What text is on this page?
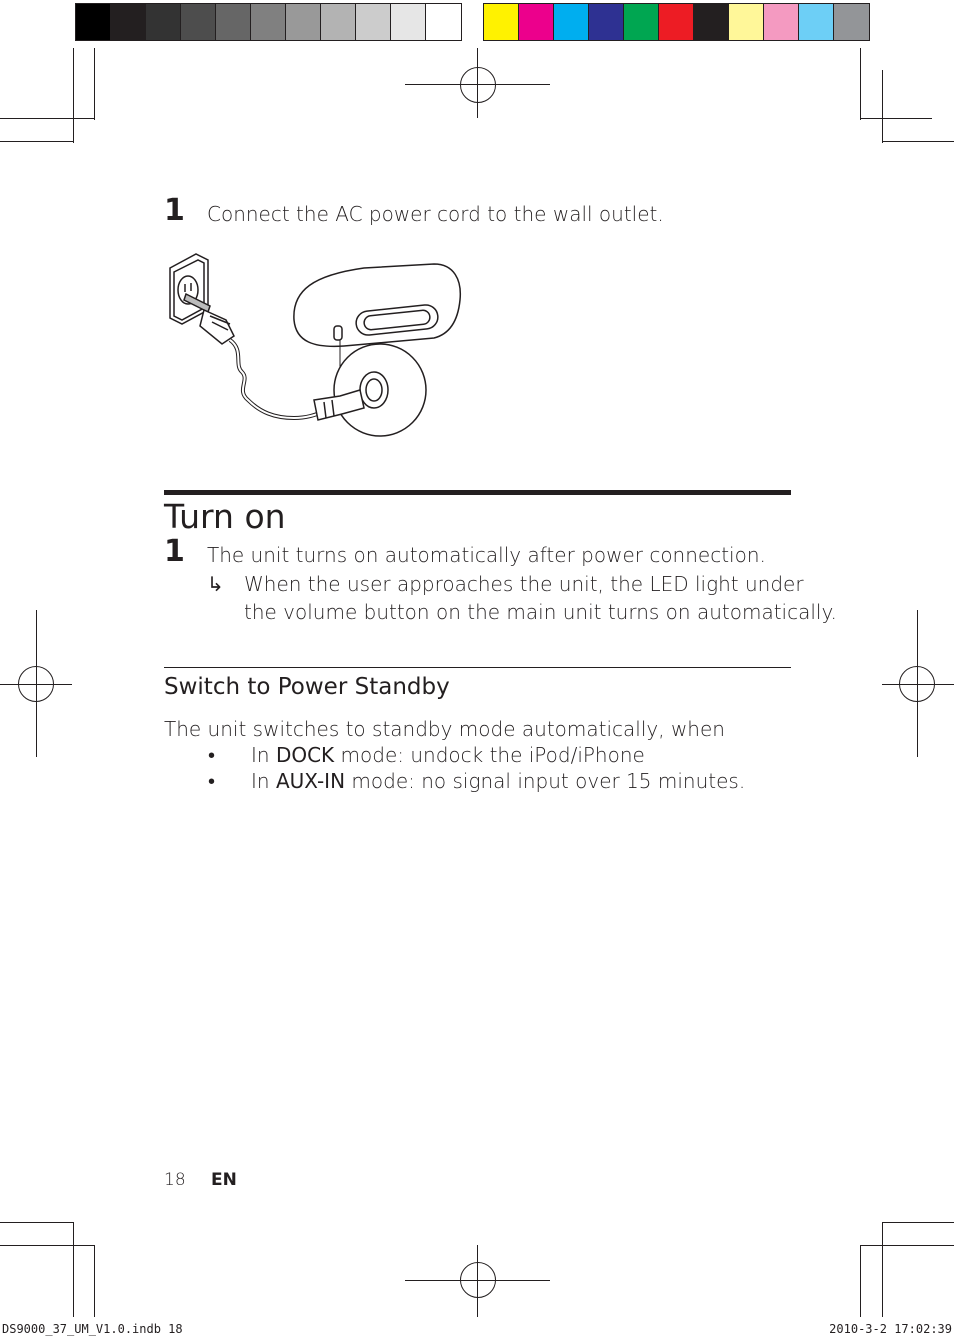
1 Connect the AC power cord to the wall outlet.
Turn on
1 The unit turns on automatically after power connection.
↳ When the user approaches the unit, the LED light under
the volume button on the main unit turns on automatically.
Switch to Power Standby
The unit switches to standby mode automatically, when
• In DOCK mode: undock the iPod/iPhone
• In AUX-IN mode: no signal input over 15 minutes.
18 EN
DS9000_37_UM_V1.0.indb 18	2010-3-2 17:02:39
